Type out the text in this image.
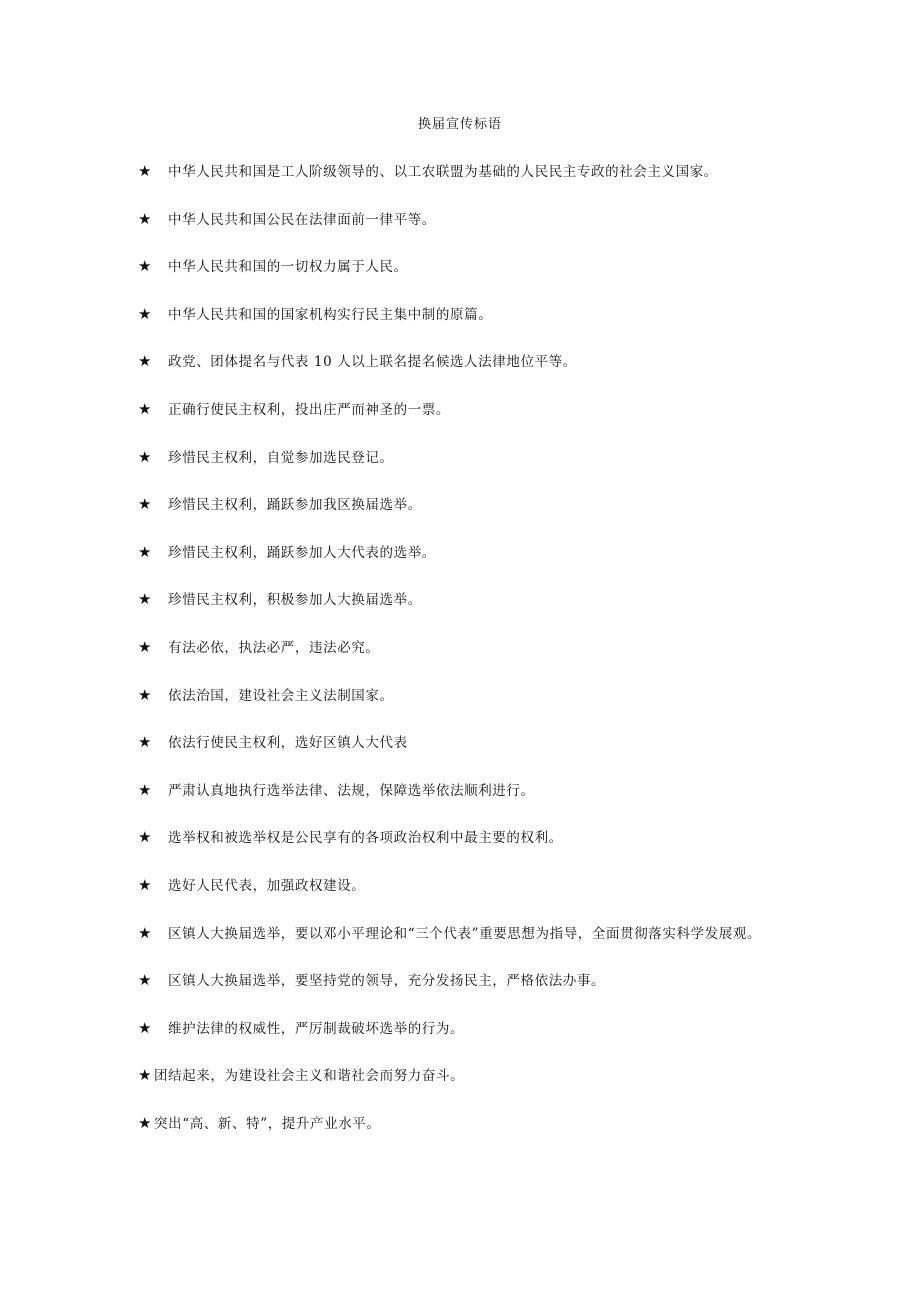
换届宣传标语
★ 中华人民共和国是工人阶级领导的、以工农联盟为基础的人民民主专政的社会主义国家。
★ 中华人民共和国公民在法律面前一律平等。
★ 中华人民共和国的一切权力属于人民。
★ 中华人民共和国的国家机构实行民主集中制的原篇。
★ 政党、团体提名与代表 10 人以上联名提名候选人法律地位平等。
★ 正确行使民主权利，投出庄严而神圣的一票。
★ 珍惜民主权利，自觉参加选民登记。
★ 珍惜民主权利，踊跃参加我区换届选举。
★ 珍惜民主权利，踊跃参加人大代表的选举。
★ 珍惜民主权利，积极参加人大换届选举。
★ 有法必依，执法必严，违法必究。
★ 依法治国，建设社会主义法制国家。
★ 依法行使民主权利，选好区镇人大代表
★ 严肃认真地执行选举法律、法规，保障选举依法顺利进行。
★ 选举权和被选举权是公民享有的各项政治权利中最主要的权利。
★ 选好人民代表，加强政权建设。
★ 区镇人大换届选举，要以邓小平理论和“三个代表”重要思想为指导，全面贯彻落实科学发展观。
★ 区镇人大换届选举，要坚持党的领导，充分发扬民主，严格依法办事。
★ 维护法律的权威性，严厉制裁破坏选举的行为。
★ 团结起来，为建设社会主义和谐社会而努力奋斗。
★ 突出“高、新、特”，提升产业水平。
